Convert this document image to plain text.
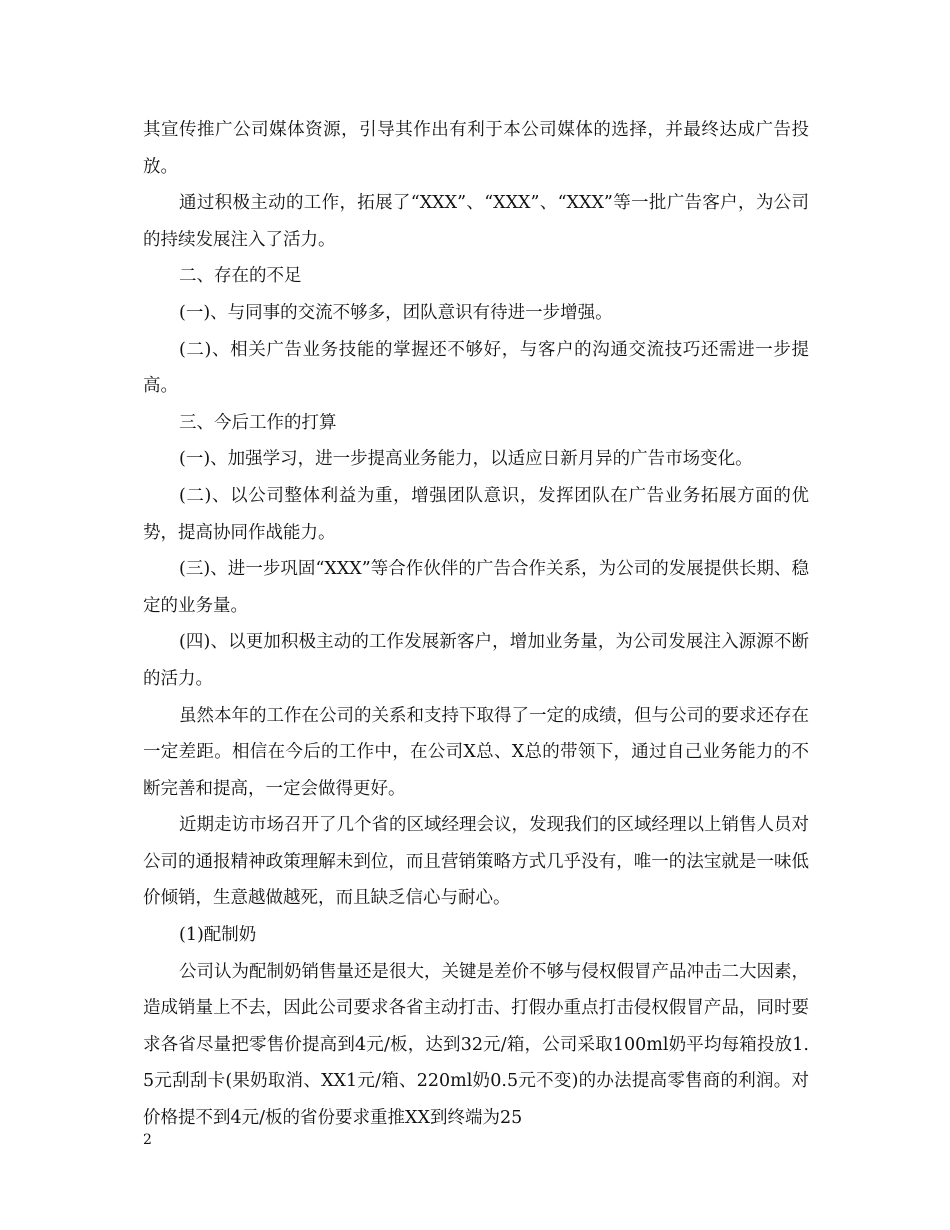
其宣传推广公司媒体资源，引导其作出有利于本公司媒体的选择，并最终达成广告投放。

通过积极主动的工作，拓展了“XXX”、“XXX”、“XXX”等一批广告客户，为公司的持续发展注入了活力。

二、存在的不足

(一)、与同事的交流不够多，团队意识有待进一步增强。

(二)、相关广告业务技能的掌握还不够好，与客户的沟通交流技巧还需进一步提高。

三、今后工作的打算

(一)、加强学习，进一步提高业务能力，以适应日新月异的广告市场变化。

(二)、以公司整体利益为重，增强团队意识，发挥团队在广告业务拓展方面的优势，提高协同作战能力。

(三)、进一步巩固“XXX”等合作伙伴的广告合作关系，为公司的发展提供长期、稳定的业务量。

(四)、以更加积极主动的工作发展新客户，增加业务量，为公司发展注入源源不断的活力。

虽然本年的工作在公司的关系和支持下取得了一定的成绩，但与公司的要求还存在一定差距。相信在今后的工作中，在公司X总、X总的带领下，通过自己业务能力的不断完善和提高，一定会做得更好。

近期走访市场召开了几个省的区域经理会议，发现我们的区域经理以上销售人员对公司的通报精神政策理解未到位，而且营销策略方式几乎没有，唯一的法宝就是一味低价倾销，生意越做越死，而且缺乏信心与耐心。

(1)配制奶

公司认为配制奶销售量还是很大，关键是差价不够与侵权假冒产品冲击二大因素，造成销量上不去，因此公司要求各省主动打击、打假办重点打击侵权假冒产品，同时要求各省尽量把零售价提高到4元/板，达到32元/箱，公司采取100ml奶平均每箱投放1.5元刮刮卡(果奶取消、XX1元/箱、220ml奶0.5元不变)的办法提高零售商的利润。对价格提不到4元/板的省份要求重推XX到终端为25

2
